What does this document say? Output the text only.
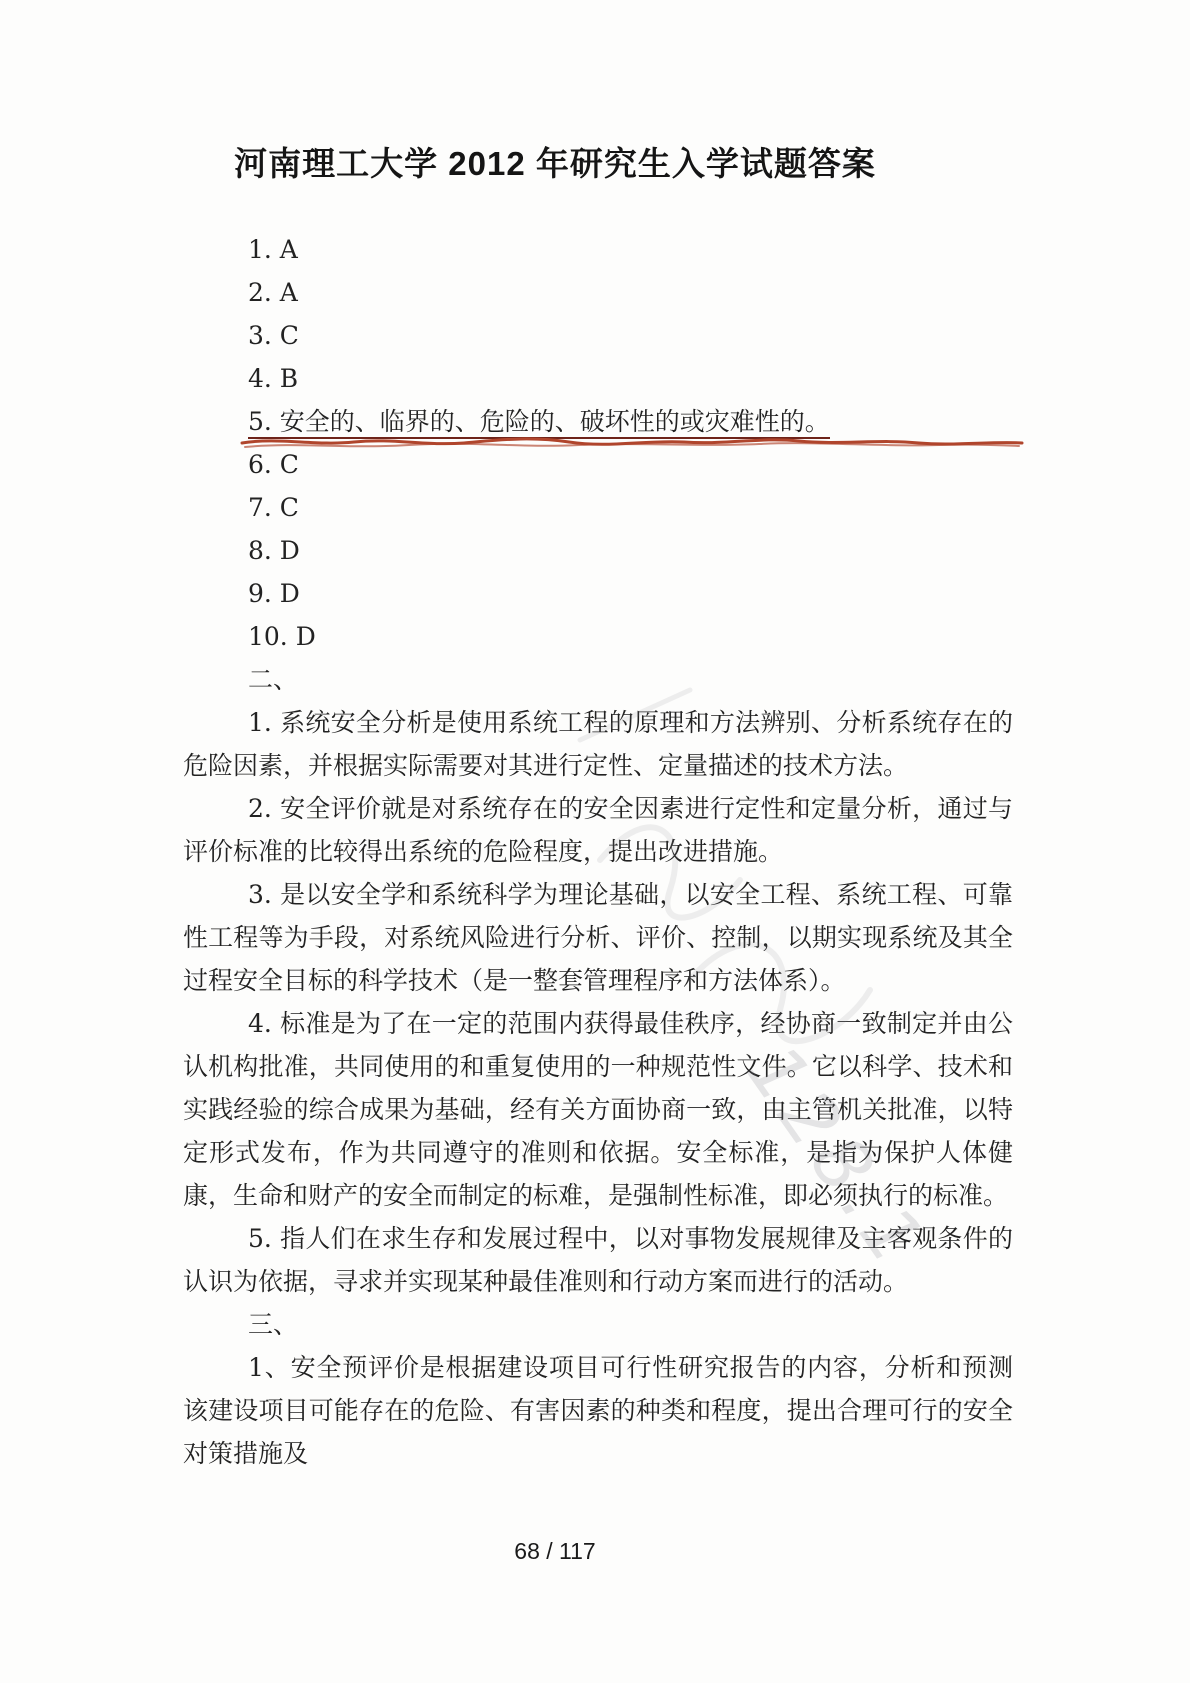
河南理工大学 2012 年研究生入学试题答案
1. A
2. A
3. C
4. B
5. 安全的、临界的、危险的、破坏性的或灾难性的。
6. C
7. C
8. D
9. D
10. D
二、

1. 系统安全分析是使用系统工程的原理和方法辨别、分析系统存在的危险因素，并根据实际需要对其进行定性、定量描述的技术方法。

2. 安全评价就是对系统存在的安全因素进行定性和定量分析，通过与评价标准的比较得出系统的危险程度，提出改进措施。

3. 是以安全学和系统科学为理论基础，以安全工程、系统工程、可靠性工程等为手段，对系统风险进行分析、评价、控制，以期实现系统及其全过程安全目标的科学技术（是一整套管理程序和方法体系）。

4. 标准是为了在一定的范围内获得最佳秩序，经协商一致制定并由公认机构批准，共同使用的和重复使用的一种规范性文件。它以科学、技术和实践经验的综合成果为基础，经有关方面协商一致，由主管机关批准，以特定形式发布，作为共同遵守的准则和依据。安全标准，是指为保护人体健康，生命和财产的安全而制定的标难，是强制性标准，即必须执行的标准。

5. 指人们在求生存和发展过程中，以对事物发展规律及主客观条件的认识为依据，寻求并实现某种最佳准则和行动方案而进行的活动。

三、

1、安全预评价是根据建设项目可行性研究报告的内容，分析和预测该建设项目可能存在的危险、有害因素的种类和程度，提出合理可行的安全对策措施及

128.1
68 / 117
